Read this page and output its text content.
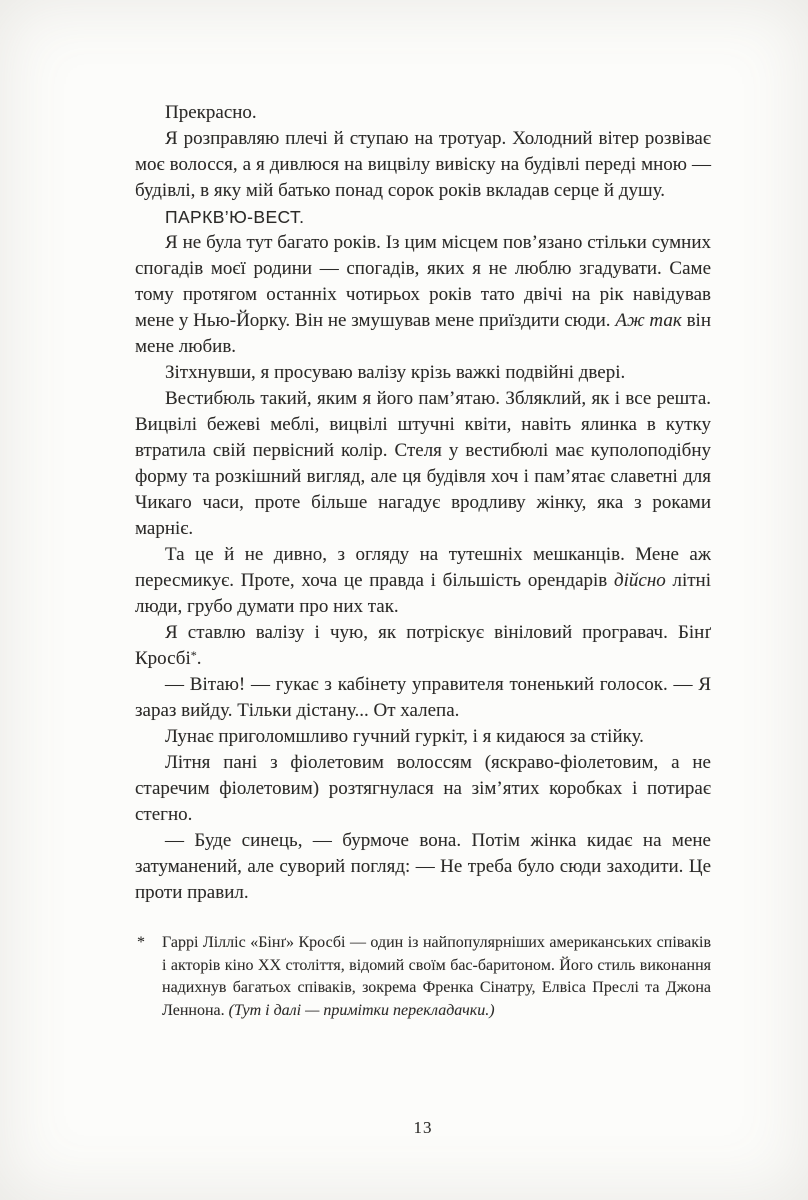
Прекрасно.

Я розправляю плечі й ступаю на тротуар. Холодний вітер розвіває моє волосся, а я дивлюся на вицвілу вивіску на будівлі переді мною — будівлі, в яку мій батько понад сорок років вкладав серце й душу.

ПАРКВ’Ю-ВЕСТ.

Я не була тут багато років. Із цим місцем пов’язано стільки сумних спогадів моєї родини — спогадів, яких я не люблю згадувати. Саме тому протягом останніх чотирьох років тато двічі на рік навідував мене у Нью-Йорку. Він не змушував мене приїздити сюди. Аж так він мене любив.

Зітхнувши, я просуваю валізу крізь важкі подвійні двері.

Вестибюль такий, яким я його пам’ятаю. Збляклий, як і все решта. Вицвілі бежеві меблі, вицвілі штучні квіти, навіть ялинка в кутку втратила свій первісний колір. Стеля у вестибюлі має куполоподібну форму та розкішний вигляд, але ця будівля хоч і пам’ятає славетні для Чикаго часи, проте більше нагадує вродливу жінку, яка з роками марніє.

Та це й не дивно, з огляду на тутешніх мешканців. Мене аж пересмикує. Проте, хоча це правда і більшість орендарів дійсно літні люди, грубо думати про них так.

Я ставлю валізу і чую, як потріскує вініловий програвач. Бінґ Кросбі*.

— Вітаю! — гукає з кабінету управителя тоненький голосок. — Я зараз вийду. Тільки дістану... От халепа.

Лунає приголомшливо гучний гуркіт, і я кидаюся за стійку.

Літня пані з фіолетовим волоссям (яскраво-фіолетовим, а не старечим фіолетовим) розтягнулася на зім’ятих коробках і потирає стегно.

— Буде синець, — бурмоче вона. Потім жінка кидає на мене затуманений, але суворий погляд: — Не треба було сюди заходити. Це проти правил.

*	Гаррі Лілліс «Бінґ» Кросбі — один із найпопулярніших американських співаків і акторів кіно XX століття, відомий своїм бас-баритоном. Його стиль виконання надихнув багатьох співаків, зокрема Френка Сінатру, Елвіса Преслі та Джона Леннона. (Тут і далі — примітки перекладачки.)
13
